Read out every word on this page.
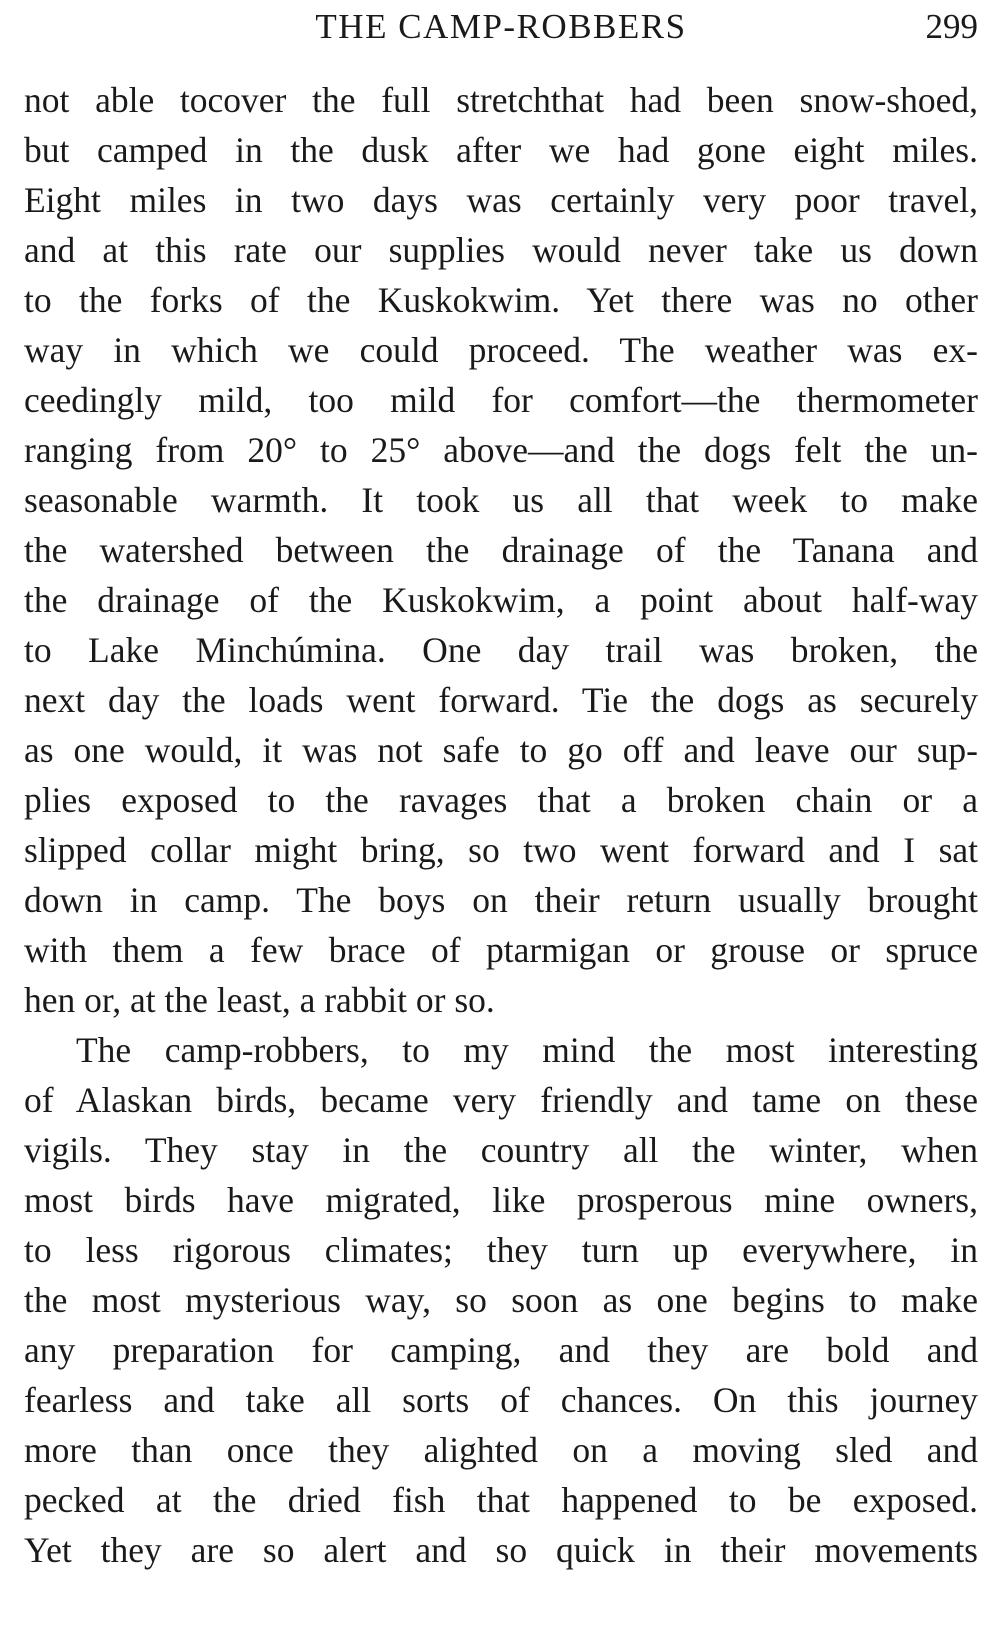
THE CAMP-ROBBERS	299
not able tocover the full stretchthat had been snow-shoed,
but camped in the dusk after we had gone eight miles.
Eight miles in two days was certainly very poor travel,
and at this rate our supplies would never take us down
to the forks of the Kuskokwim. Yet there was no other
way in which we could proceed. The weather was ex-
ceedingly mild, too mild for comfort—the thermometer
ranging from 20° to 25° above—and the dogs felt the un-
seasonable warmth. It took us all that week to make
the watershed between the drainage of the Tanana and
the drainage of the Kuskokwim, a point about half-way
to Lake Minchúmina. One day trail was broken, the
next day the loads went forward. Tie the dogs as securely
as one would, it was not safe to go off and leave our sup-
plies exposed to the ravages that a broken chain or a
slipped collar might bring, so two went forward and I sat
down in camp. The boys on their return usually brought
with them a few brace of ptarmigan or grouse or spruce
hen or, at the least, a rabbit or so.
The camp-robbers, to my mind the most interesting
of Alaskan birds, became very friendly and tame on these
vigils. They stay in the country all the winter, when
most birds have migrated, like prosperous mine owners,
to less rigorous climates; they turn up everywhere, in
the most mysterious way, so soon as one begins to make
any preparation for camping, and they are bold and
fearless and take all sorts of chances. On this journey
more than once they alighted on a moving sled and
pecked at the dried fish that happened to be exposed.
Yet they are so alert and so quick in their movements
